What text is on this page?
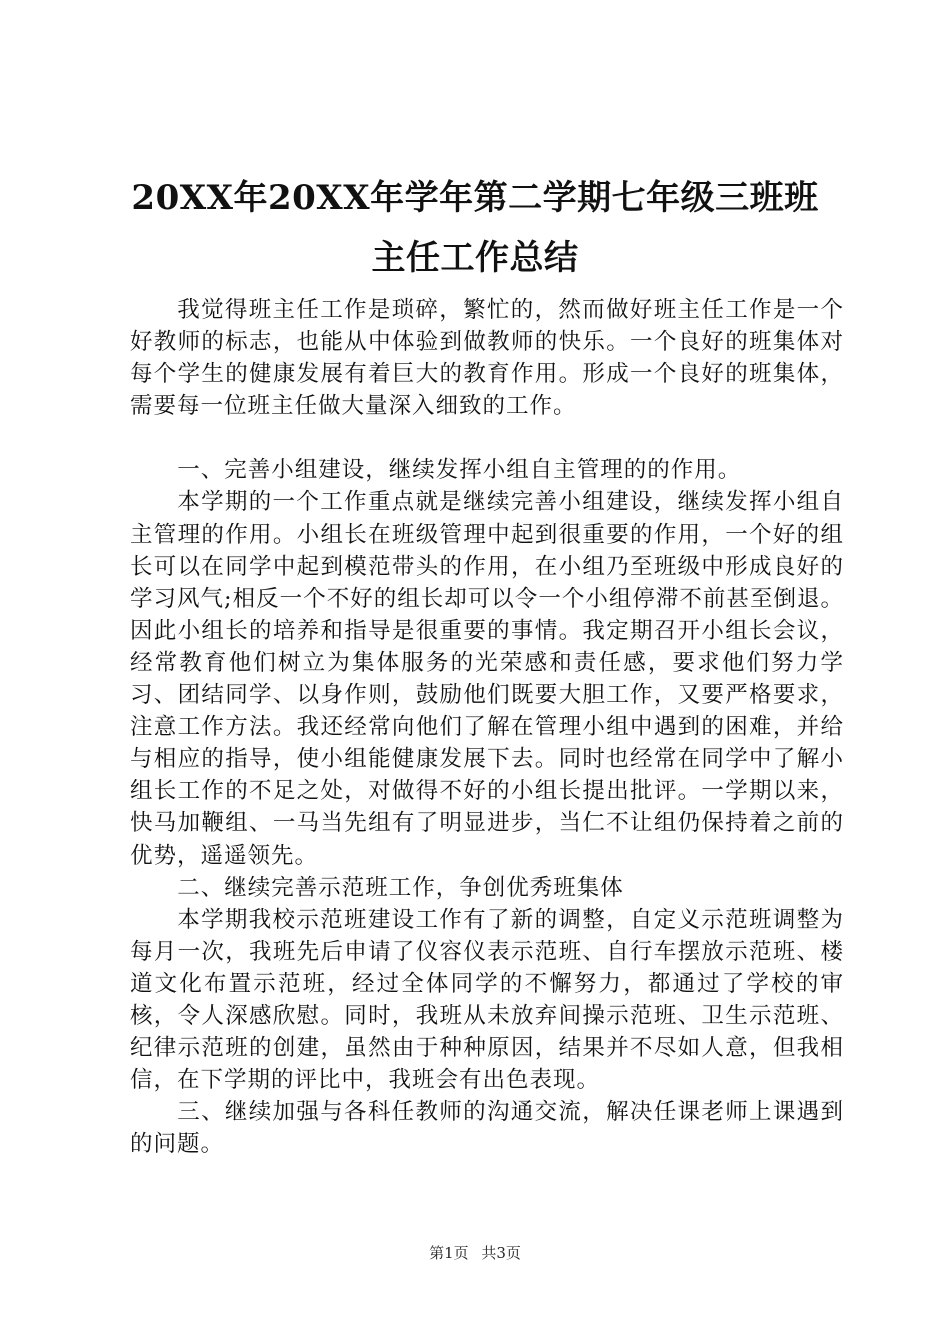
20XX年20XX年学年第二学期七年级三班班主任工作总结

我觉得班主任工作是琐碎，繁忙的，然而做好班主任工作是一个好教师的标志，也能从中体验到做教师的快乐。一个良好的班集体对每个学生的健康发展有着巨大的教育作用。形成一个良好的班集体，需要每一位班主任做大量深入细致的工作。

一、完善小组建设，继续发挥小组自主管理的的作用。

本学期的一个工作重点就是继续完善小组建设，继续发挥小组自主管理的作用。小组长在班级管理中起到很重要的作用，一个好的组长可以在同学中起到模范带头的作用，在小组乃至班级中形成良好的学习风气;相反一个不好的组长却可以令一个小组停滞不前甚至倒退。因此小组长的培养和指导是很重要的事情。我定期召开小组长会议，经常教育他们树立为集体服务的光荣感和责任感，要求他们努力学习、团结同学、以身作则，鼓励他们既要大胆工作，又要严格要求，注意工作方法。我还经常向他们了解在管理小组中遇到的困难，并给与相应的指导，使小组能健康发展下去。同时也经常在同学中了解小组长工作的不足之处，对做得不好的小组长提出批评。一学期以来，快马加鞭组、一马当先组有了明显进步，当仁不让组仍保持着之前的优势，遥遥领先。

二、继续完善示范班工作，争创优秀班集体

本学期我校示范班建设工作有了新的调整，自定义示范班调整为每月一次，我班先后申请了仪容仪表示范班、自行车摆放示范班、楼道文化布置示范班，经过全体同学的不懈努力，都通过了学校的审核，令人深感欣慰。同时，我班从未放弃间操示范班、卫生示范班、纪律示范班的创建，虽然由于种种原因，结果并不尽如人意，但我相信，在下学期的评比中，我班会有出色表现。

三、继续加强与各科任教师的沟通交流，解决任课老师上课遇到的问题。

第1页 共3页
